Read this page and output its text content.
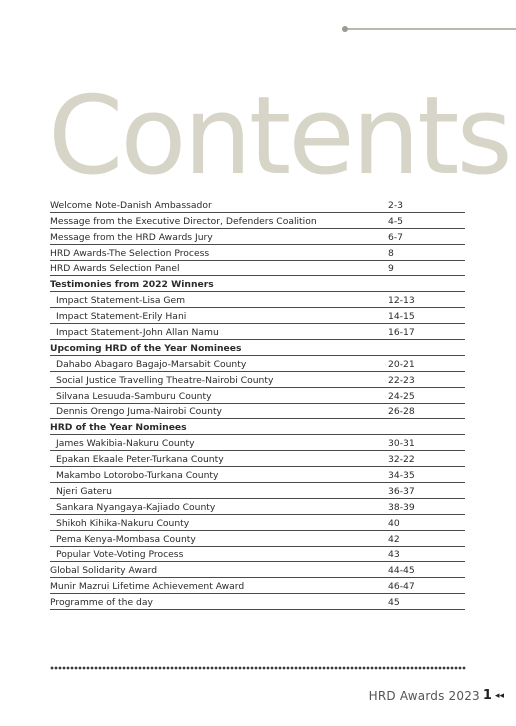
Contents
Welcome Note-Danish Ambassador	2-3
Message from the Executive Director, Defenders Coalition	4-5
Message from the HRD Awards Jury	6-7
HRD Awards-The Selection Process	8
HRD Awards Selection Panel	9
Testimonies from 2022 Winners
Impact Statement-Lisa Gem	12-13
Impact Statement-Erily Hani	14-15
Impact Statement-John Allan Namu	16-17
Upcoming HRD of the Year Nominees
Dahabo Abagaro Bagajo-Marsabit County	20-21
Social Justice Travelling Theatre-Nairobi County	22-23
Silvana Lesuuda-Samburu County	24-25
Dennis Orengo Juma-Nairobi County	26-28
HRD of the Year Nominees
James Wakibia-Nakuru County	30-31
Epakan Ekaale Peter-Turkana County	32-22
Makambo Lotorobo-Turkana County	34-35
Njeri Gateru	36-37
Sankara Nyangaya-Kajiado County	38-39
Shikoh Kihika-Nakuru County	40
Pema Kenya-Mombasa County	42
Popular Vote-Voting Process	43
Global Solidarity Award	44-45
Munir Mazrui Lifetime Achievement Award	46-47
Programme of the day	45
HRD Awards 2023 1 ◂◂
